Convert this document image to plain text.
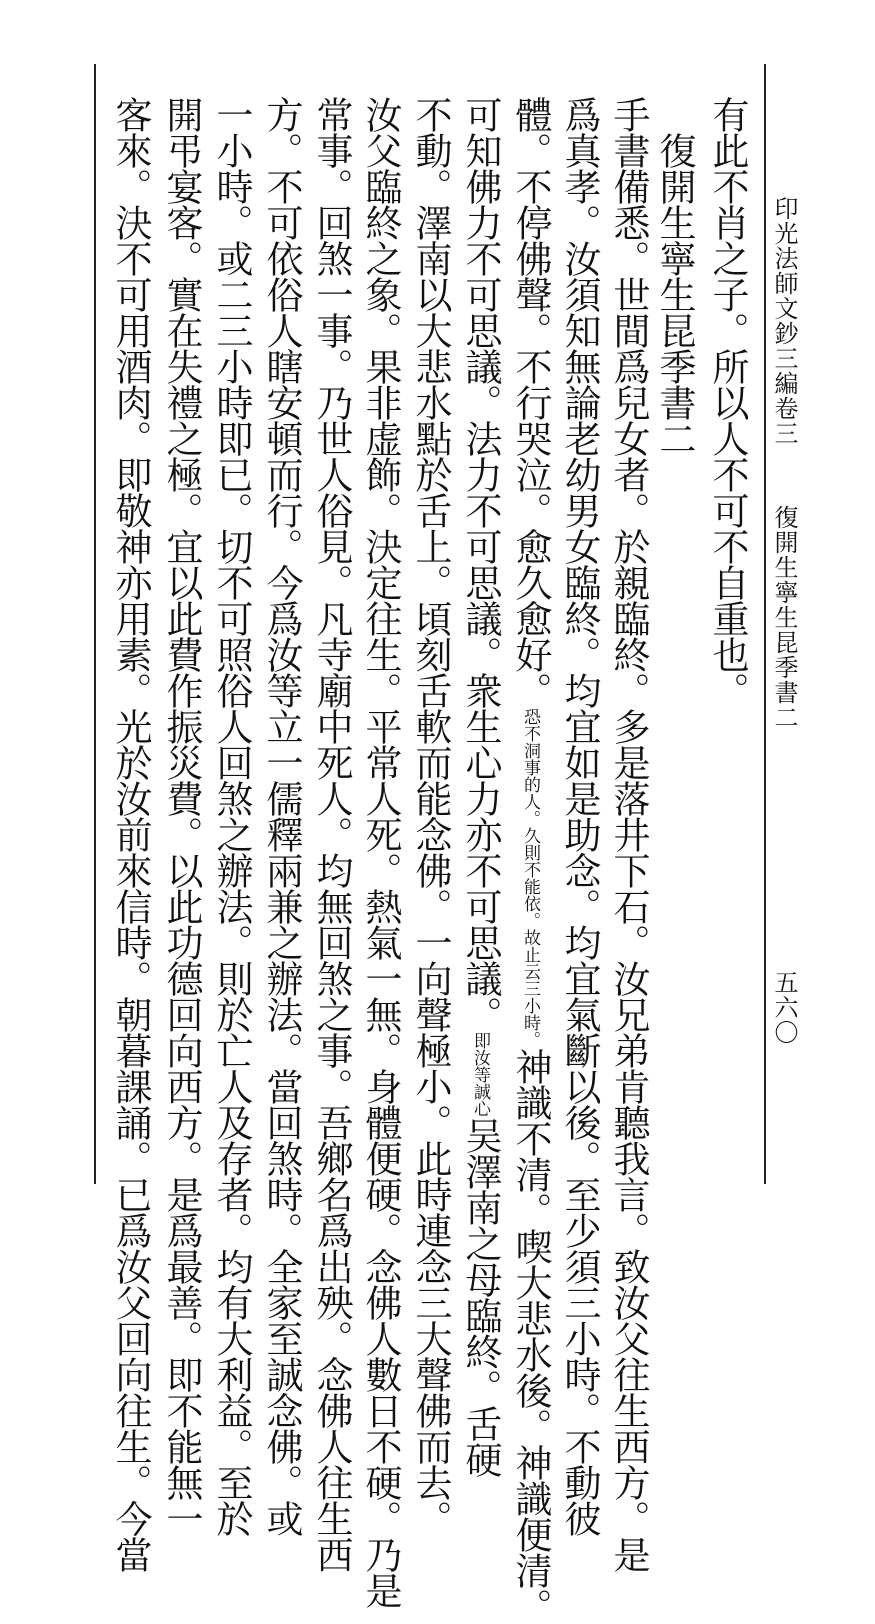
印光法師文鈔三編卷三
復開生寧生昆季書二
五六〇
有此不肖之子。所以人不可不自重也。
　復開生寧生昆季書二
手書備悉。世間爲兒女者。於親臨終。多是落井下石。汝兄弟肯聽我言。致汝父往生西方。是
爲真孝。汝須知無論老幼男女臨終。均宜如是助念。均宜氣斷以後。至少須三小時。不動彼
體。不停佛聲。不行哭泣。愈久愈好。恐不洞事的人。久則不能依。故止云三小時。神識不清。喫大悲水後。神識便清。
可知佛力不可思議。法力不可思議。衆生心力亦不可思議。即汝等誠心吴澤南之母臨終。舌硬
不動。澤南以大悲水點於舌上。頃刻舌軟而能念佛。一向聲極小。此時連念三大聲佛而去。
汝父臨終之象。果非虚飾。決定往生。平常人死。熱氣一無。身體便硬。念佛人數日不硬。乃是
常事。回煞一事。乃世人俗見。凡寺廟中死人。均無回煞之事。吾鄉名爲出殃。念佛人往生西
方。不可依俗人瞎安頓而行。今爲汝等立一儒釋兩兼之辦法。當回煞時。全家至誠念佛。或
一小時。或二三小時即已。切不可照俗人回煞之辦法。則於亡人及存者。均有大利益。至於
開弔宴客。實在失禮之極。宜以此費作振災費。以此功德回向西方。是爲最善。即不能無一
客來。決不可用酒肉。即敬神亦用素。光於汝前來信時。朝暮課誦。已爲汝父回向往生。今當
